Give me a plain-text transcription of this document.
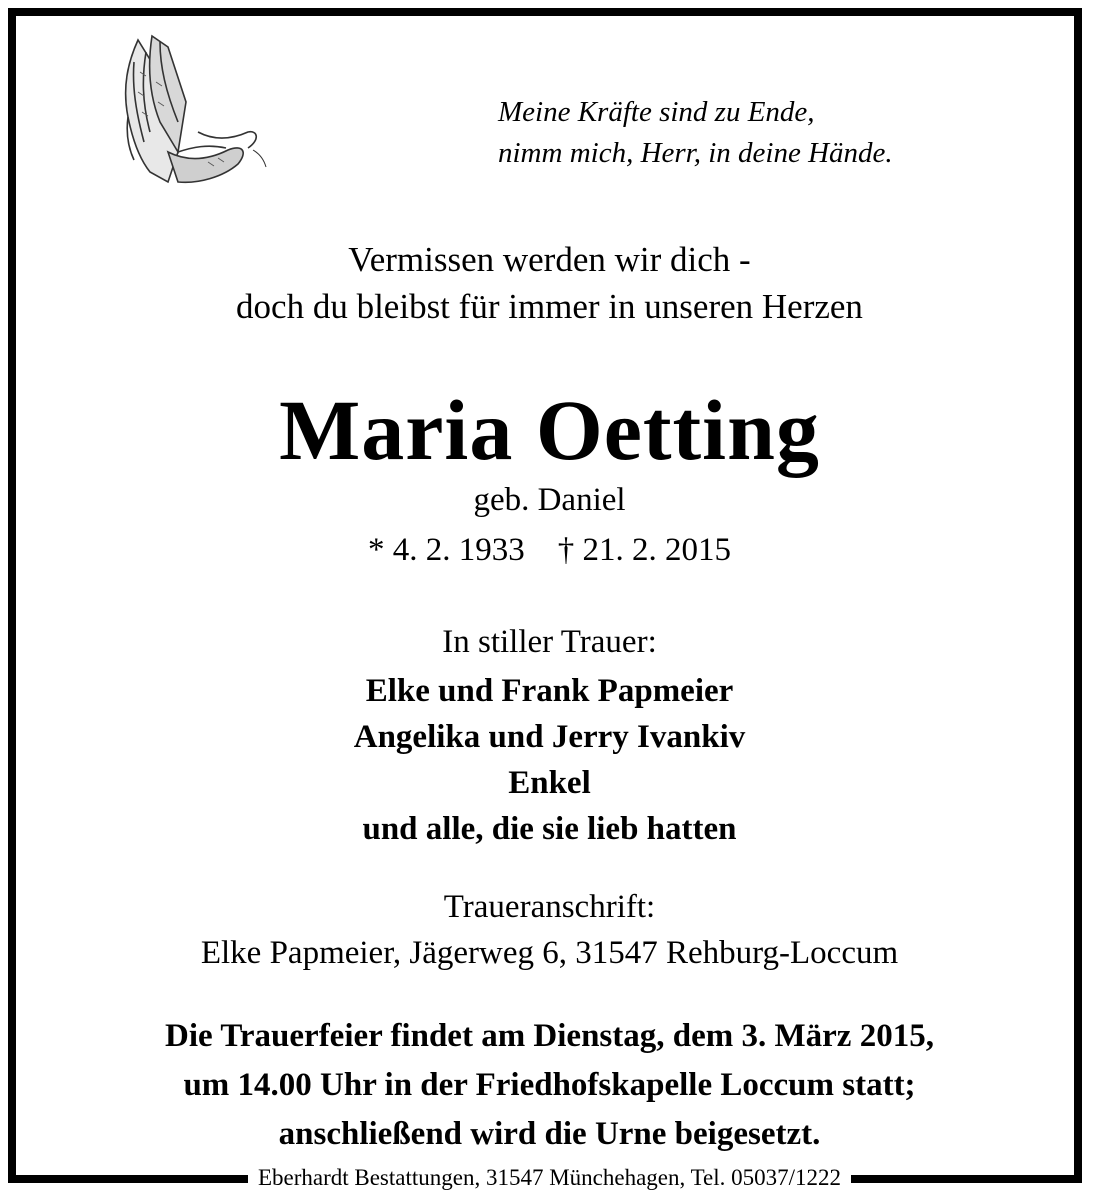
Meine Kräfte sind zu Ende,
nimm mich, Herr, in deine Hände.
Vermissen werden wir dich -
doch du bleibst für immer in unseren Herzen
Maria Oetting
geb. Daniel
* 4. 2. 1933    † 21. 2. 2015
In stiller Trauer:
Elke und Frank Papmeier
Angelika und Jerry Ivankiv
Enkel
und alle, die sie lieb hatten
Traueranschrift:
Elke Papmeier, Jägerweg 6, 31547 Rehburg-Loccum
Die Trauerfeier findet am Dienstag, dem 3. März 2015,
um 14.00 Uhr in der Friedhofskapelle Loccum statt;
anschließend wird die Urne beigesetzt.
Eberhardt Bestattungen, 31547 Münchehagen, Tel. 05037/1222
